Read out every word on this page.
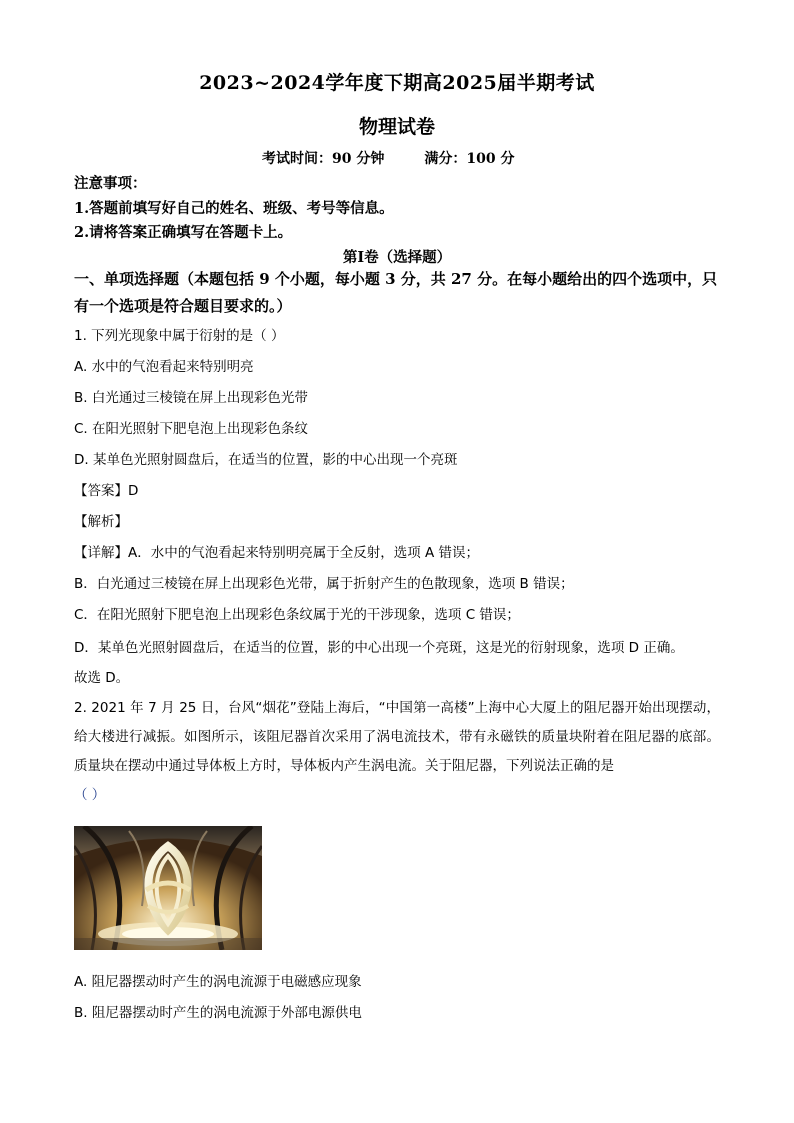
2023~2024学年度下期高2025届半期考试
物理试卷
考试时间：90 分钟	满分：100 分
注意事项：
1.答题前填写好自己的姓名、班级、考号等信息。
2.请将答案正确填写在答题卡上。
第Ⅰ卷（选择题）
一、单项选择题（本题包括 9 个小题，每小题 3 分，共 27 分。在每小题给出的四个选项中，只有一个选项是符合题目要求的。）
1. 下列光现象中属于衍射的是（ ）
A. 水中的气泡看起来特别明亮
B. 白光通过三棱镜在屏上出现彩色光带
C. 在阳光照射下肥皂泡上出现彩色条纹
D. 某单色光照射圆盘后，在适当的位置，影的中心出现一个亮斑
【答案】D
【解析】
【详解】A．水中的气泡看起来特别明亮属于全反射，选项 A 错误；
B．白光通过三棱镜在屏上出现彩色光带，属于折射产生的色散现象，选项 B 错误；
C．在阳光照射下肥皂泡上出现彩色条纹属于光的干涉现象，选项 C 错误；
D．某单色光照射圆盘后，在适当的位置，影的中心出现一个亮斑，这是光的衍射现象，选项 D 正确。
故选 D。
2. 2021 年 7 月 25 日，台风“烟花”登陆上海后，“中国第一高楼”上海中心大厦上的阻尼器开始出现摆动，给大楼进行减振。如图所示，该阻尼器首次采用了涡电流技术，带有永磁铁的质量块附着在阻尼器的底部。质量块在摆动中通过导体板上方时，导体板内产生涡电流。关于阻尼器，下列说法正确的是
（ ）
A. 阻尼器摆动时产生的涡电流源于电磁感应现象
B. 阻尼器摆动时产生的涡电流源于外部电源供电
